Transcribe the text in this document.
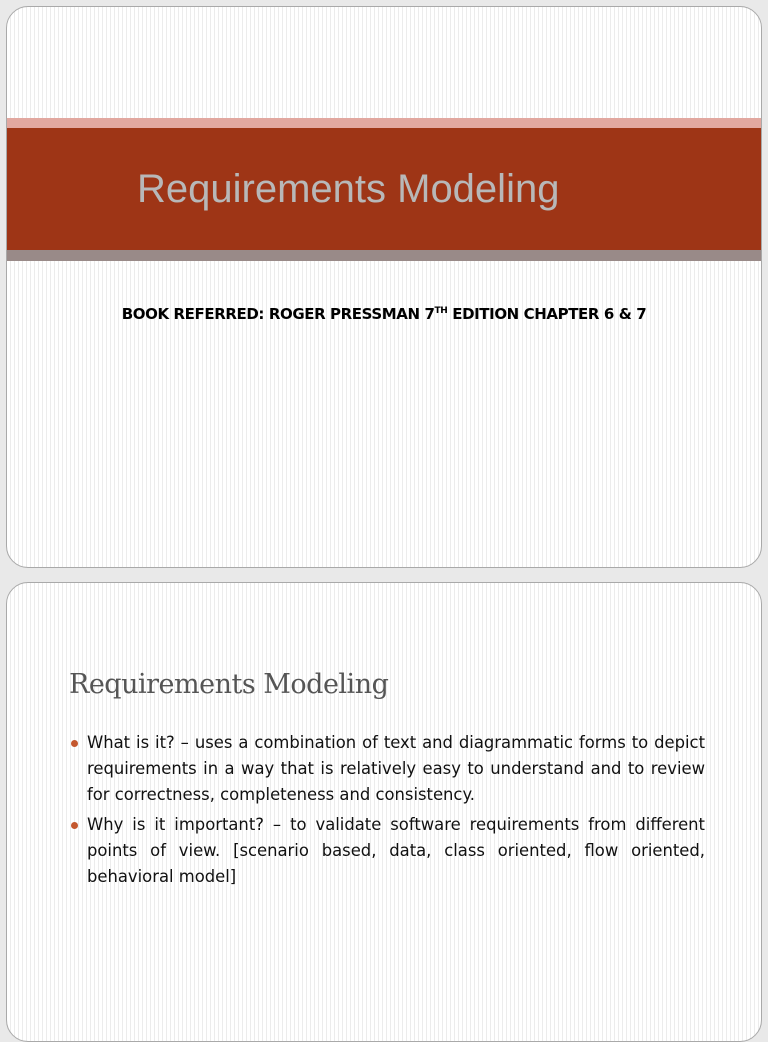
Requirements Modeling

BOOK REFERRED: ROGER PRESSMAN 7TH EDITION CHAPTER 6 & 7

Requirements Modeling
What is it? – uses a combination of text and diagrammatic forms to depict requirements in a way that is relatively easy to understand and to review for correctness, completeness and consistency.
Why is it important? – to validate software requirements from different points of view. [scenario based, data, class oriented, flow oriented, behavioral model]
